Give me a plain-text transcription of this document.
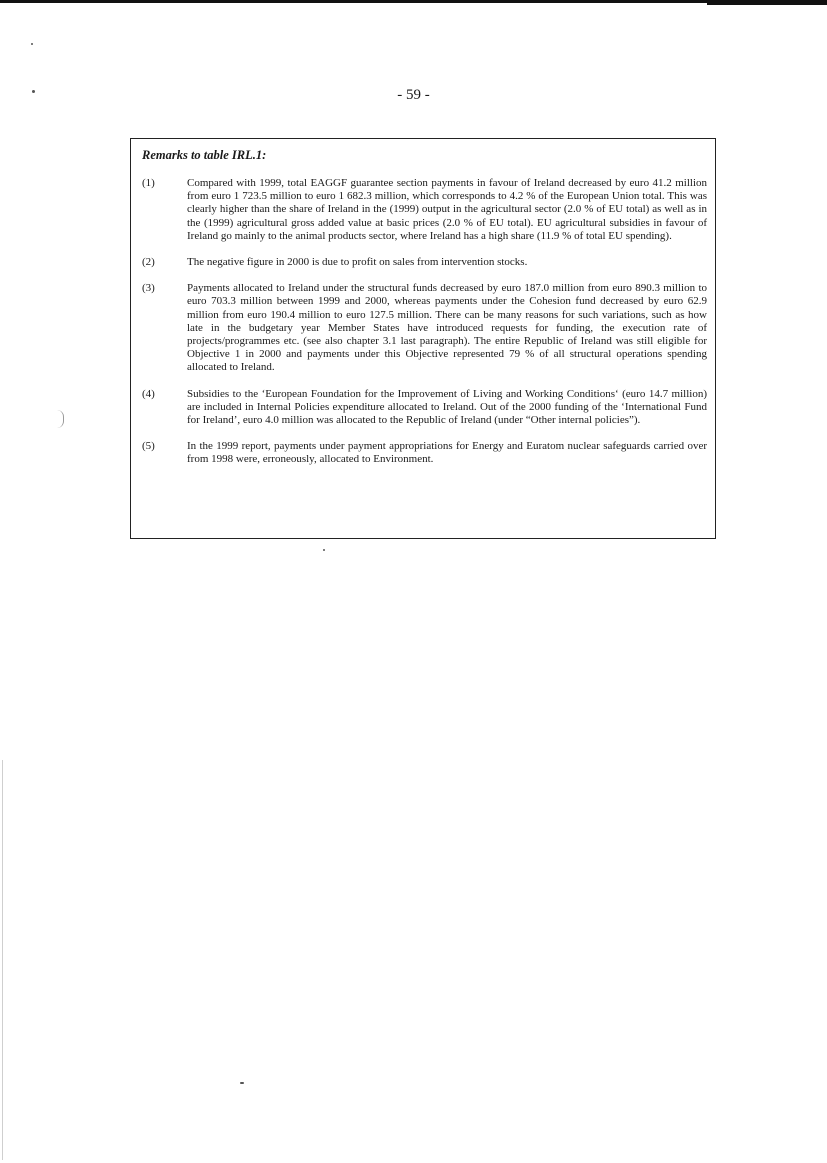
- 59 -
Remarks to table IRL.1:
(1)	Compared with 1999, total EAGGF guarantee section payments in favour of Ireland decreased by euro 41.2 million from euro 1 723.5 million to euro 1 682.3 million, which corresponds to 4.2 % of the European Union total. This was clearly higher than the share of Ireland in the (1999) output in the agricultural sector (2.0 % of EU total) as well as in the (1999) agricultural gross added value at basic prices (2.0 % of EU total). EU agricultural subsidies in favour of Ireland go mainly to the animal products sector, where Ireland has a high share (11.9 % of total EU spending).
(2)	The negative figure in 2000 is due to profit on sales from intervention stocks.
(3)	Payments allocated to Ireland under the structural funds decreased by euro 187.0 million from euro 890.3 million to euro 703.3 million between 1999 and 2000, whereas payments under the Cohesion fund decreased by euro 62.9 million from euro 190.4 million to euro 127.5 million. There can be many reasons for such variations, such as how late in the budgetary year Member States have introduced requests for funding, the execution rate of projects/programmes etc. (see also chapter 3.1 last paragraph). The entire Republic of Ireland was still eligible for Objective 1 in 2000 and payments under this Objective represented 79 % of all structural operations spending allocated to Ireland.
(4)	Subsidies to the ‘European Foundation for the Improvement of Living and Working Conditions‘ (euro 14.7 million) are included in Internal Policies expenditure allocated to Ireland. Out of the 2000 funding of the ‘International Fund for Ireland’, euro 4.0 million was allocated to the Republic of Ireland (under “Other internal policies”).
(5)	In the 1999 report, payments under payment appropriations for Energy and Euratom nuclear safeguards carried over from 1998 were, erroneously, allocated to Environment.
